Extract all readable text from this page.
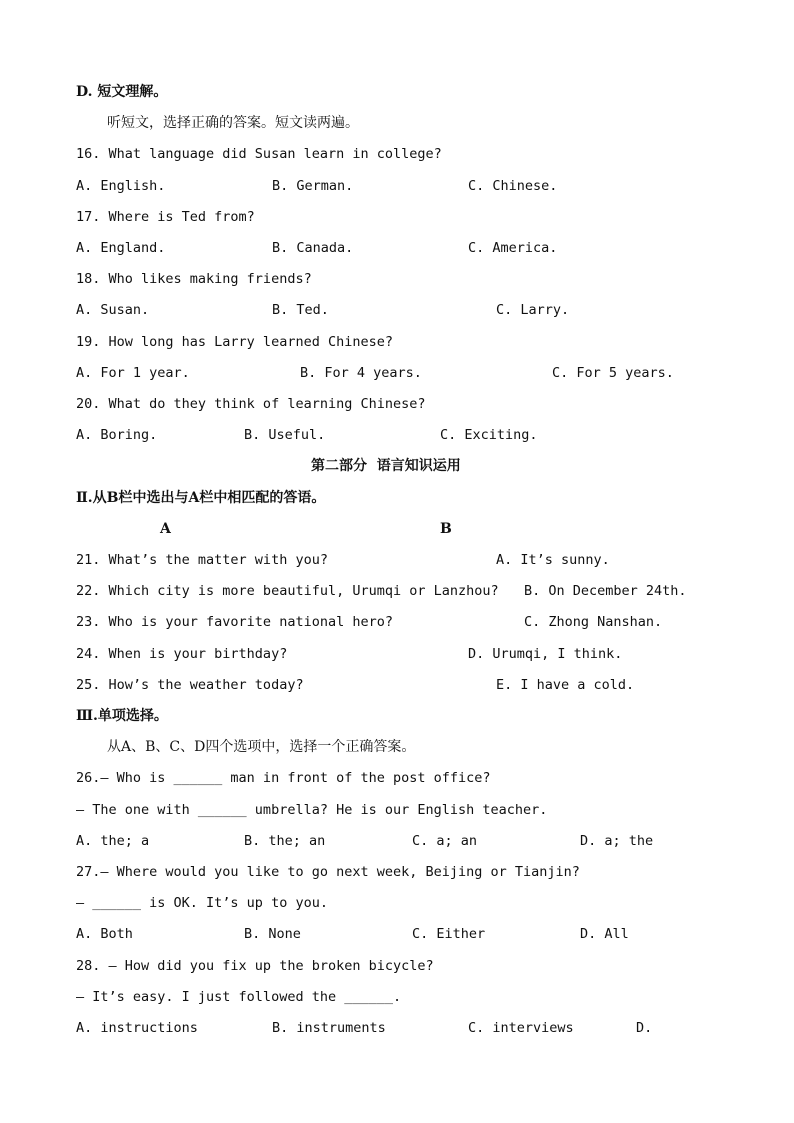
D. 短文理解。
听短文，选择正确的答案。短文读两遍。
16. What language did Susan learn in college?
A. English.	B. German.	C. Chinese.
17. Where is Ted from?
A. England.	B. Canada.	C. America.
18. Who likes making friends?
A. Susan.	B. Ted.	C. Larry.
19. How long has Larry learned Chinese?
A. For 1 year.	B. For 4 years.	C. For 5 years.
20. What do they think of learning Chinese?
A. Boring.	B. Useful.	C. Exciting.
第二部分  语言知识运用
Ⅱ.从B栏中选出与A栏中相匹配的答语。
A	B
21. What’s the matter with you?	A. It’s sunny.
22. Which city is more beautiful, Urumqi or Lanzhou? B. On December 24th.
23. Who is your favorite national hero?	C. Zhong Nanshan.
24. When is your birthday?	D. Urumqi, I think.
25. How’s the weather today?	E. I have a cold.
Ⅲ.单项选择。
从A、B、C、D四个选项中，选择一个正确答案。
26.— Who is ______ man in front of the post office?
— The one with ______ umbrella? He is our English teacher.
A. the; a	B. the; an	C. a; an	D. a; the
27.— Where would you like to go next week, Beijing or Tianjin?
— ______ is OK. It’s up to you.
A. Both	B. None	C. Either	D. All
28. — How did you fix up the broken bicycle?
— It’s easy. I just followed the ______.
A. instructions	B. instruments	C. interviews	D.
